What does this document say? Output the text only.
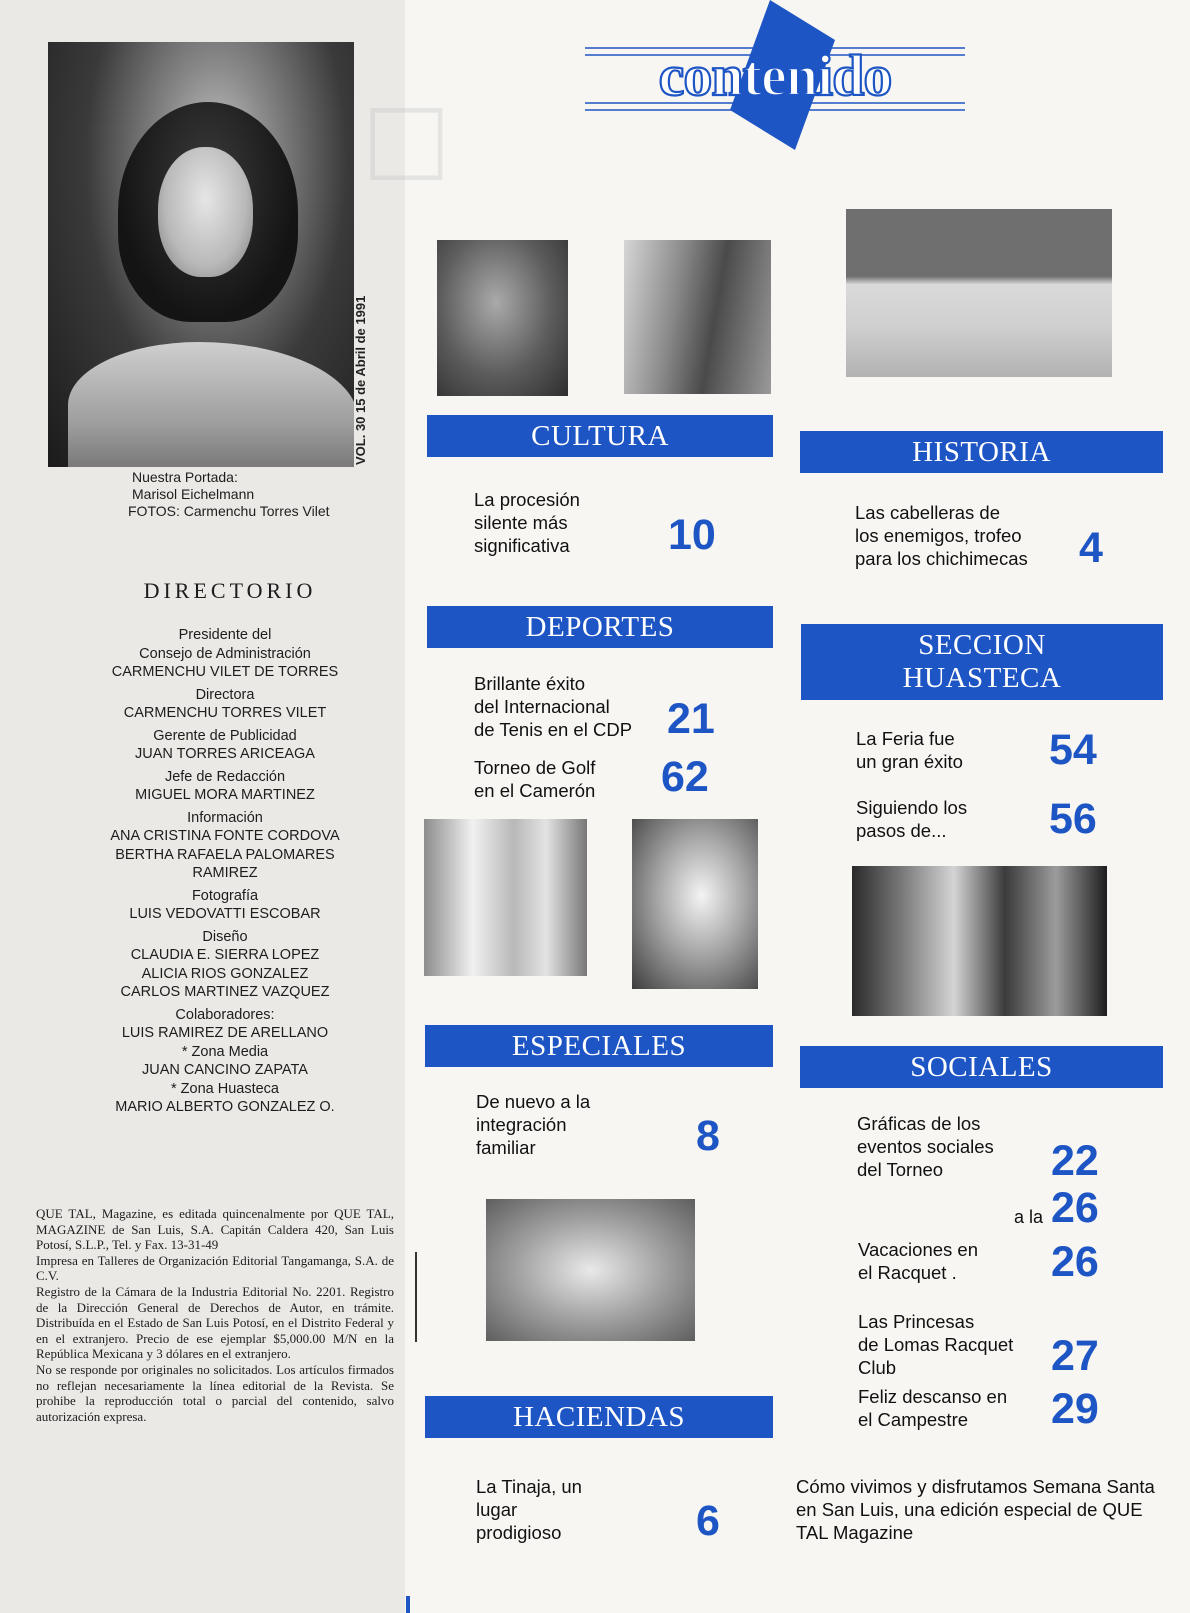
VOL. 30 15 de Abril de 1991
Nuestra Portada:
Marisol Eichelmann
FOTOS: Carmenchu Torres Vilet
DIRECTORIO
Presidente del
Consejo de Administración
CARMENCHU VILET DE TORRES
Directora
CARMENCHU TORRES VILET
Gerente de Publicidad
JUAN TORRES ARICEAGA
Jefe de Redacción
MIGUEL MORA MARTINEZ
Información
ANA CRISTINA FONTE CORDOVA
BERTHA RAFAELA PALOMARES
RAMIREZ
Fotografía
LUIS VEDOVATTI ESCOBAR
Diseño
CLAUDIA E. SIERRA LOPEZ
ALICIA RIOS GONZALEZ
CARLOS MARTINEZ VAZQUEZ
Colaboradores:
LUIS RAMIREZ DE ARELLANO
* Zona Media
JUAN CANCINO ZAPATA
* Zona Huasteca
MARIO ALBERTO GONZALEZ O.

QUE TAL, Magazine, es editada quincenalmente por QUE TAL, MAGAZINE de San Luis, S.A. Capitán Caldera 420, San Luis Potosí, S.L.P., Tel. y Fax. 13-31-49

Impresa en Talleres de Organización Editorial Tangamanga, S.A. de C.V.

Registro de la Cámara de la Industria Editorial No. 2201. Registro de la Dirección General de Derechos de Autor, en trámite. Distribuída en el Estado de San Luis Potosí, en el Distrito Federal y en el extranjero. Precio de ese ejemplar $5,000.00 M/N en la República Mexicana y 3 dólares en el extranjero.

No se responde por originales no solicitados. Los artículos firmados no reflejan necesariamente la línea editorial de la Revista. Se prohibe la reproducción total o parcial del contenido, salvo autorización expresa.

□	contenido
CULTURA
La procesión
silente más
significativa	10
HISTORIA
Las cabelleras de
los enemigos, trofeo
para los chichimecas	4
DEPORTES
Brillante éxito
del Internacional
de Tenis en el CDP 21
Torneo de Golf
en el Camerón	62
SECCION
HUASTECA
La Feria fue
un gran éxito	54
Siguiendo los
pasos de...	56
ESPECIALES
De nuevo a la
integración
familiar	8
SOCIALES
Gráficas de los
eventos sociales
del Torneo	22
a la 26
Vacaciones en
el Racquet .	26
Las Princesas
de Lomas Racquet
Club	27
Feliz descanso en
el Campestre	29
HACIENDAS
La Tinaja, un
lugar
prodigioso	6
Cómo vivimos y disfrutamos Semana Santa en San Luis, una edición especial de QUE TAL Magazine
